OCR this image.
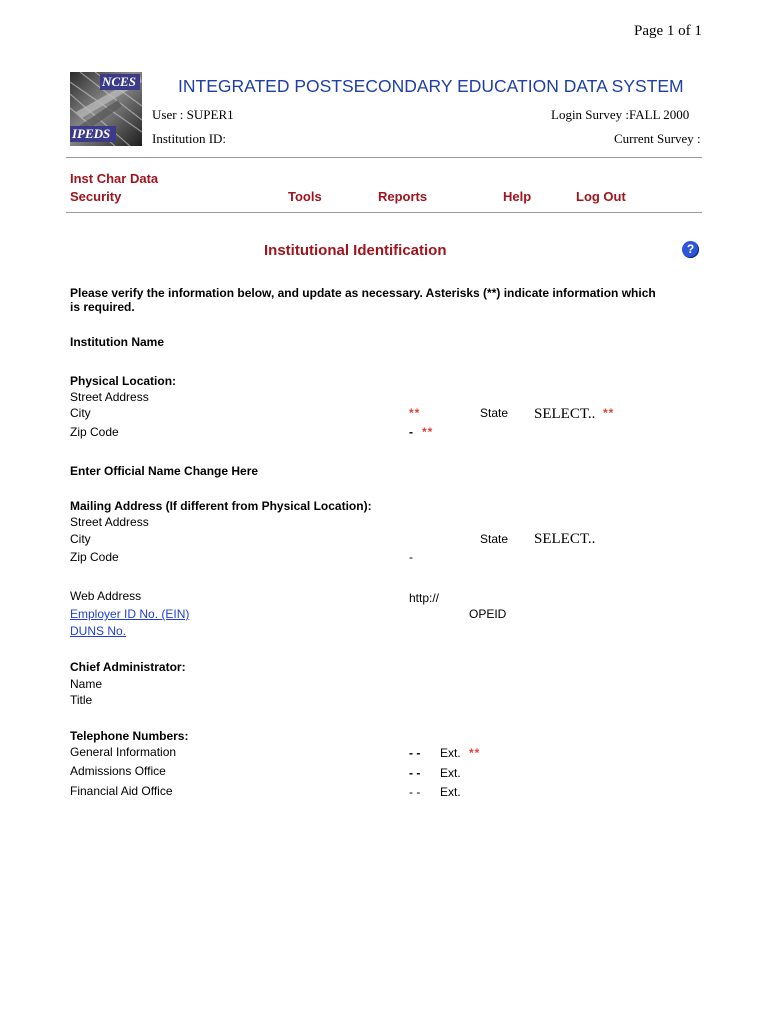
Page 1 of 1
NCES
IPEDS
INTEGRATED POSTSECONDARY EDUCATION DATA SYSTEM
User : SUPER1	Login Survey :FALL 2000
Institution ID:	Current Survey :
Inst Char Data
Security	Tools	Reports	Help	Log Out
Institutional Identification	?
Please verify the information below, and update as necessary. Asterisks (**) indicate information which
is required.
Institution Name
Physical Location:
Street Address
City	**	State SELECT.. **
Zip Code	- **
Enter Official Name Change Here
Mailing Address (If different from Physical Location):
Street Address
City	State SELECT..
Zip Code	-
Web Address	http://
Employer ID No. (EIN)	OPEID
DUNS No.
Chief Administrator:
Name
Title
Telephone Numbers:
General Information	- - Ext. **
Admissions Office	- - Ext.
Financial Aid Office	- - Ext.
